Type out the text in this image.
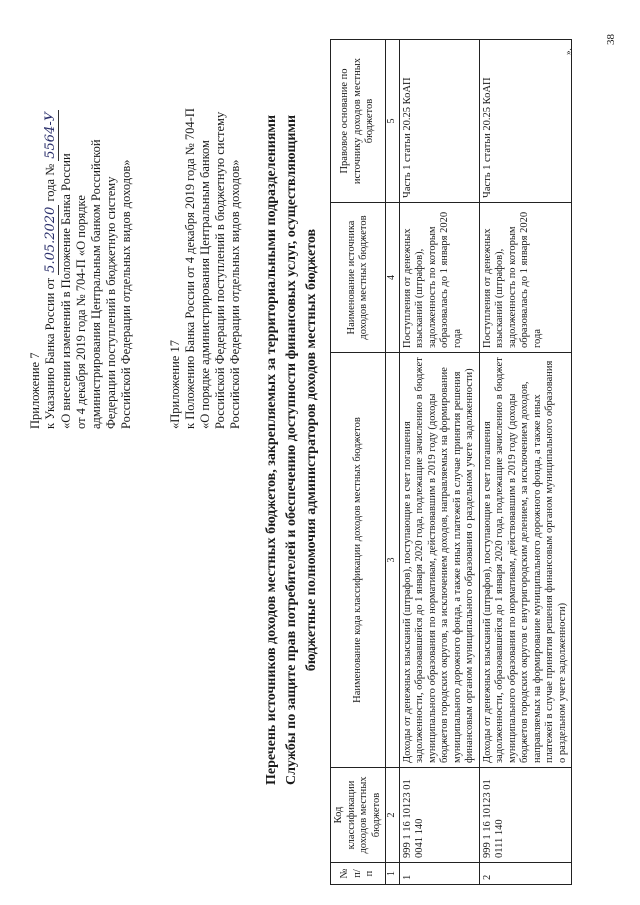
Приложение 7 к Указанию Банка России от 5.05.2020 года № 5564-У
«О внесении изменений в Положение Банка России от 4 декабря 2019 года № 704-П «О порядке администрирования Центральным банком Российской Федерации поступлений в бюджетную систему Российской Федерации отдельных видов доходов»	«Приложение 17 к Положению Банка России от 4 декабря 2019 года № 704-П «О порядке администрирования Центральным банком Российской Федерации поступлений в бюджетную систему Российской Федерации отдельных видов доходов» Перечень источников доходов местных бюджетов, закрепляемых за территориальными подразделениями Службы по защите прав потребителей и обеспечению доступности финансовых услуг, осуществляющими бюджетные полномочия администраторов доходов местных бюджетов
№ п/п	Код классификации доходов местных бюджетов	Наименование кода классификации доходов местных бюджетов	Наименование источника доходов местных бюджетов	Правовое основание по источнику доходов местных бюджетов
1	2	3	4	5
1	999 1 16 10123 01 0041 140	Доходы от денежных взысканий (штрафов), поступающие в счет погашения задолженности, образовавшейся до 1 января 2020 года, подлежащие зачислению в бюджет муниципального образования по нормативам, действовавшим в 2019 году (доходы бюджетов городских округов, за исключением доходов, направляемых на формирование муниципального дорожного фонда, а также иных платежей в случае принятия решения финансовым органом муниципального образования о раздельном учете задолженности)	Поступления от денежных взысканий (штрафов), задолженность по которым образовалась до 1 января 2020 года	Часть 1 статьи 20.25 КоАП
2	999 1 16 10123 01 0111 140	Доходы от денежных взысканий (штрафов), поступающие в счет погашения задолженности, образовавшейся до 1 января 2020 года, подлежащие зачислению в бюджет муниципального образования по нормативам, действовавшим в 2019 году (доходы бюджетов городских округов с внутригородским делением, за исключением доходов, направляемых на формирование муниципального дорожного фонда, а также иных платежей в случае принятия решения финансовым органом муниципального образования о раздельном учете задолженности)	Поступления от денежных взысканий (штрафов), задолженность по которым образовалась до 1 января 2020 года	Часть 1 статьи 20.25 КоАП
».
38
